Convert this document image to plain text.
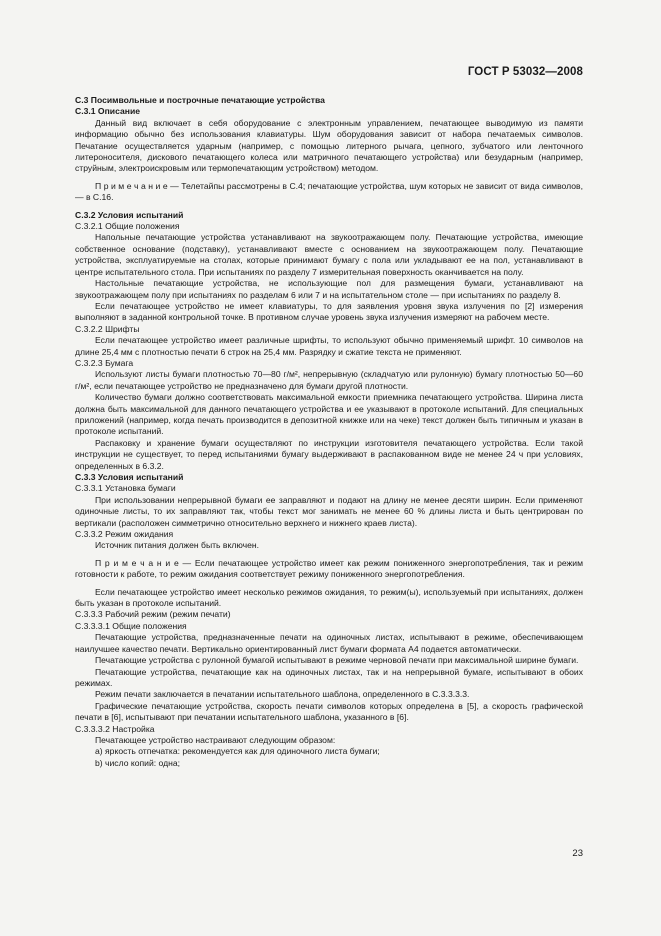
ГОСТ Р 53032—2008

C.3 Посимвольные и построчные печатающие устройства

C.3.1 Описание

Данный вид включает в себя оборудование с электронным управлением, печатающее выводимую из памяти информацию обычно без использования клавиатуры. Шум оборудования зависит от набора печатаемых символов. Печатание осуществляется ударным (например, с помощью литерного рычага, цепного, зубчатого или ленточного литероносителя, дискового печатающего колеса или матричного печатающего устройства) или безударным (например, струйным, электроискровым или термопечатающим устройством) методом.

П р и м е ч а н и е — Телетайпы рассмотрены в C.4; печатающие устройства, шум которых не зависит от вида символов, — в C.16.

C.3.2 Условия испытаний

C.3.2.1 Общие положения

Напольные печатающие устройства устанавливают на звукоотражающем полу. Печатающие устройства, имеющие собственное основание (подставку), устанавливают вместе с основанием на звукоотражающем полу. Печатающие устройства, эксплуатируемые на столах, которые принимают бумагу с пола или укладывают ее на пол, устанавливают в центре испытательного стола. При испытаниях по разделу 7 измерительная поверхность оканчивается на полу.

Настольные печатающие устройства, не использующие пол для размещения бумаги, устанавливают на звукоотражающем полу при испытаниях по разделам 6 или 7 и на испытательном столе — при испытаниях по разделу 8.

Если печатающее устройство не имеет клавиатуры, то для заявления уровня звука излучения по [2] измерения выполняют в заданной контрольной точке. В противном случае уровень звука излучения измеряют на рабочем месте.

C.3.2.2 Шрифты

Если печатающее устройство имеет различные шрифты, то используют обычно применяемый шрифт. 10 символов на длине 25,4 мм с плотностью печати 6 строк на 25,4 мм. Разрядку и сжатие текста не применяют.

C.3.2.3 Бумага

Используют листы бумаги плотностью 70—80 г/м², непрерывную (складчатую или рулонную) бумагу плотностью 50—60 г/м², если печатающее устройство не предназначено для бумаги другой плотности.

Количество бумаги должно соответствовать максимальной емкости приемника печатающего устройства. Ширина листа должна быть максимальной для данного печатающего устройства и ее указывают в протоколе испытаний. Для специальных приложений (например, когда печать производится в депозитной книжке или на чеке) текст должен быть типичным и указан в протоколе испытаний.

Распаковку и хранение бумаги осуществляют по инструкции изготовителя печатающего устройства. Если такой инструкции не существует, то перед испытаниями бумагу выдерживают в распакованном виде не менее 24 ч при условиях, определенных в 6.3.2.

C.3.3 Условия испытаний

C.3.3.1 Установка бумаги

При использовании непрерывной бумаги ее заправляют и подают на длину не менее десяти ширин. Если применяют одиночные листы, то их заправляют так, чтобы текст мог занимать не менее 60 % длины листа и быть центрирован по вертикали (расположен симметрично относительно верхнего и нижнего краев листа).

C.3.3.2 Режим ожидания

Источник питания должен быть включен.

П р и м е ч а н и е — Если печатающее устройство имеет как режим пониженного энергопотребления, так и режим готовности к работе, то режим ожидания соответствует режиму пониженного энергопотребления.

Если печатающее устройство имеет несколько режимов ожидания, то режим(ы), используемый при испытаниях, должен быть указан в протоколе испытаний.

C.3.3.3 Рабочий режим (режим печати)

C.3.3.3.1 Общие положения

Печатающие устройства, предназначенные печати на одиночных листах, испытывают в режиме, обеспечивающем наилучшее качество печати. Вертикально ориентированный лист бумаги формата А4 подается автоматически.

Печатающие устройства с рулонной бумагой испытывают в режиме черновой печати при максимальной ширине бумаги.

Печатающие устройства, печатающие как на одиночных листах, так и на непрерывной бумаге, испытывают в обоих режимах.

Режим печати заключается в печатании испытательного шаблона, определенного в C.3.3.3.3.

Графические печатающие устройства, скорость печати символов которых определена в [5], а скорость графической печати в [6], испытывают при печатании испытательного шаблона, указанного в [6].

C.3.3.3.2 Настройка

Печатающее устройство настраивают следующим образом:

a) яркость отпечатка: рекомендуется как для одиночного листа бумаги;

b) число копий: одна;

23
